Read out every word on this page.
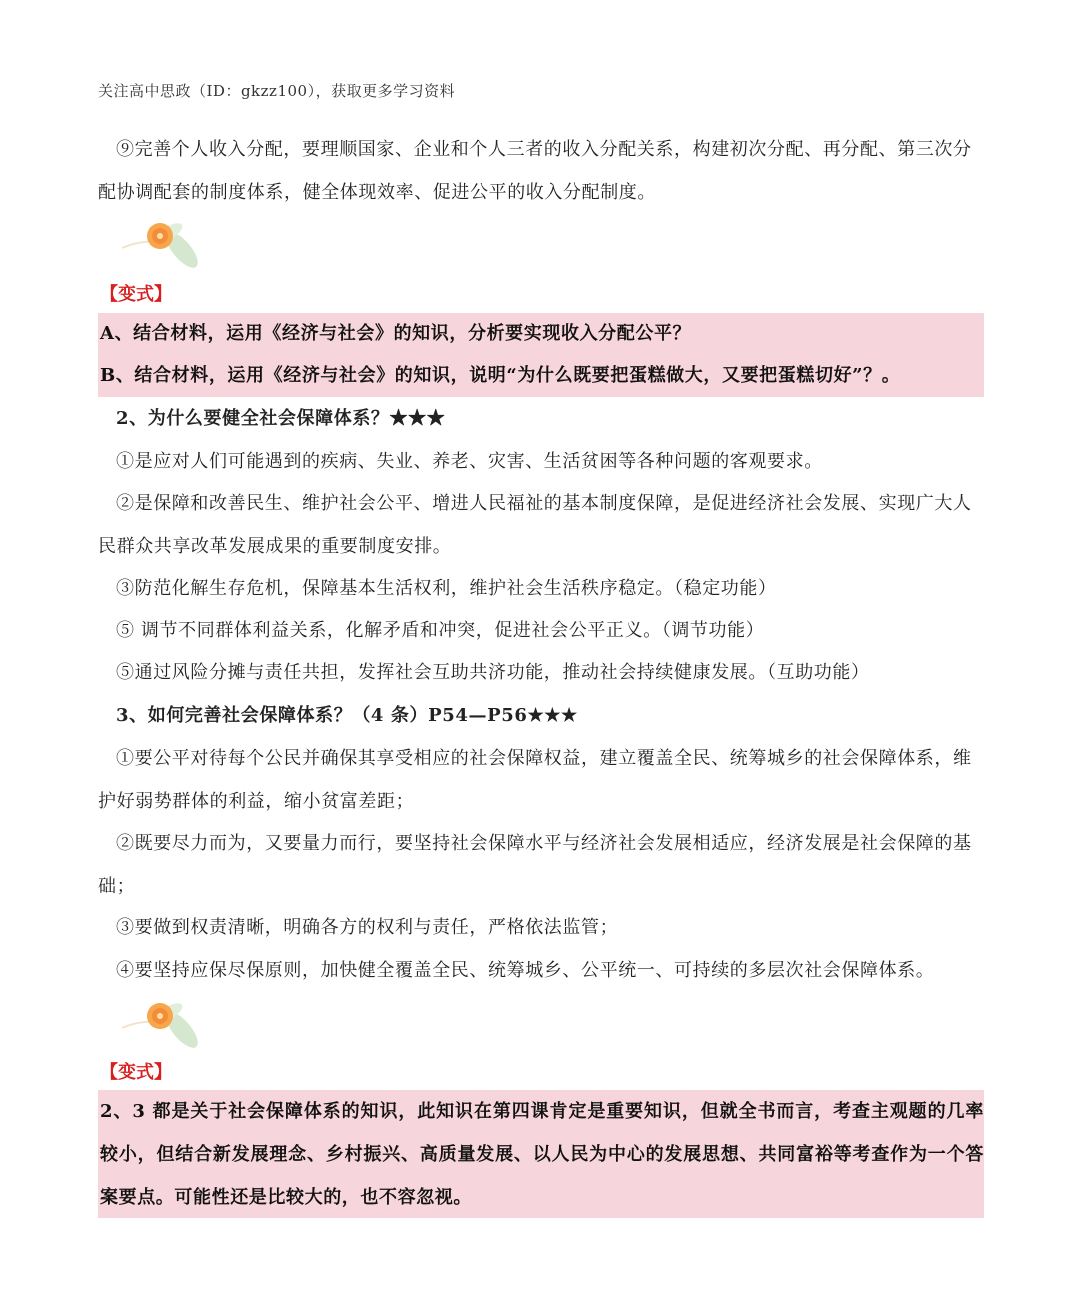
关注高中思政（ID：gkzz100），获取更多学习资料
⑨完善个人收入分配，要理顺国家、企业和个人三者的收入分配关系，构建初次分配、再分配、第三次分配协调配套的制度体系，健全体现效率、促进公平的收入分配制度。
【变式】
A、结合材料，运用《经济与社会》的知识，分析要实现收入分配公平？
B、结合材料，运用《经济与社会》的知识，说明“为什么既要把蛋糕做大，又要把蛋糕切好”？。
2、为什么要健全社会保障体系？★★★
①是应对人们可能遇到的疾病、失业、养老、灾害、生活贫困等各种问题的客观要求。
②是保障和改善民生、维护社会公平、增进人民福祉的基本制度保障，是促进经济社会发展、实现广大人民群众共享改革发展成果的重要制度安排。
③防范化解生存危机，保障基本生活权利，维护社会生活秩序稳定。（稳定功能）
⑤ 调节不同群体利益关系，化解矛盾和冲突，促进社会公平正义。（调节功能）
⑤通过风险分摊与责任共担，发挥社会互助共济功能，推动社会持续健康发展。（互助功能）
3、如何完善社会保障体系？（4 条）P54—P56★★★
①要公平对待每个公民并确保其享受相应的社会保障权益，建立覆盖全民、统筹城乡的社会保障体系，维护好弱势群体的利益，缩小贫富差距；
②既要尽力而为，又要量力而行，要坚持社会保障水平与经济社会发展相适应，经济发展是社会保障的基础；
③要做到权责清晰，明确各方的权利与责任，严格依法监管；
④要坚持应保尽保原则，加快健全覆盖全民、统筹城乡、公平统一、可持续的多层次社会保障体系。
【变式】
2、3 都是关于社会保障体系的知识，此知识在第四课肯定是重要知识，但就全书而言，考查主观题的几率较小，但结合新发展理念、乡村振兴、高质量发展、以人民为中心的发展思想、共同富裕等考查作为一个答案要点。可能性还是比较大的，也不容忽视。
